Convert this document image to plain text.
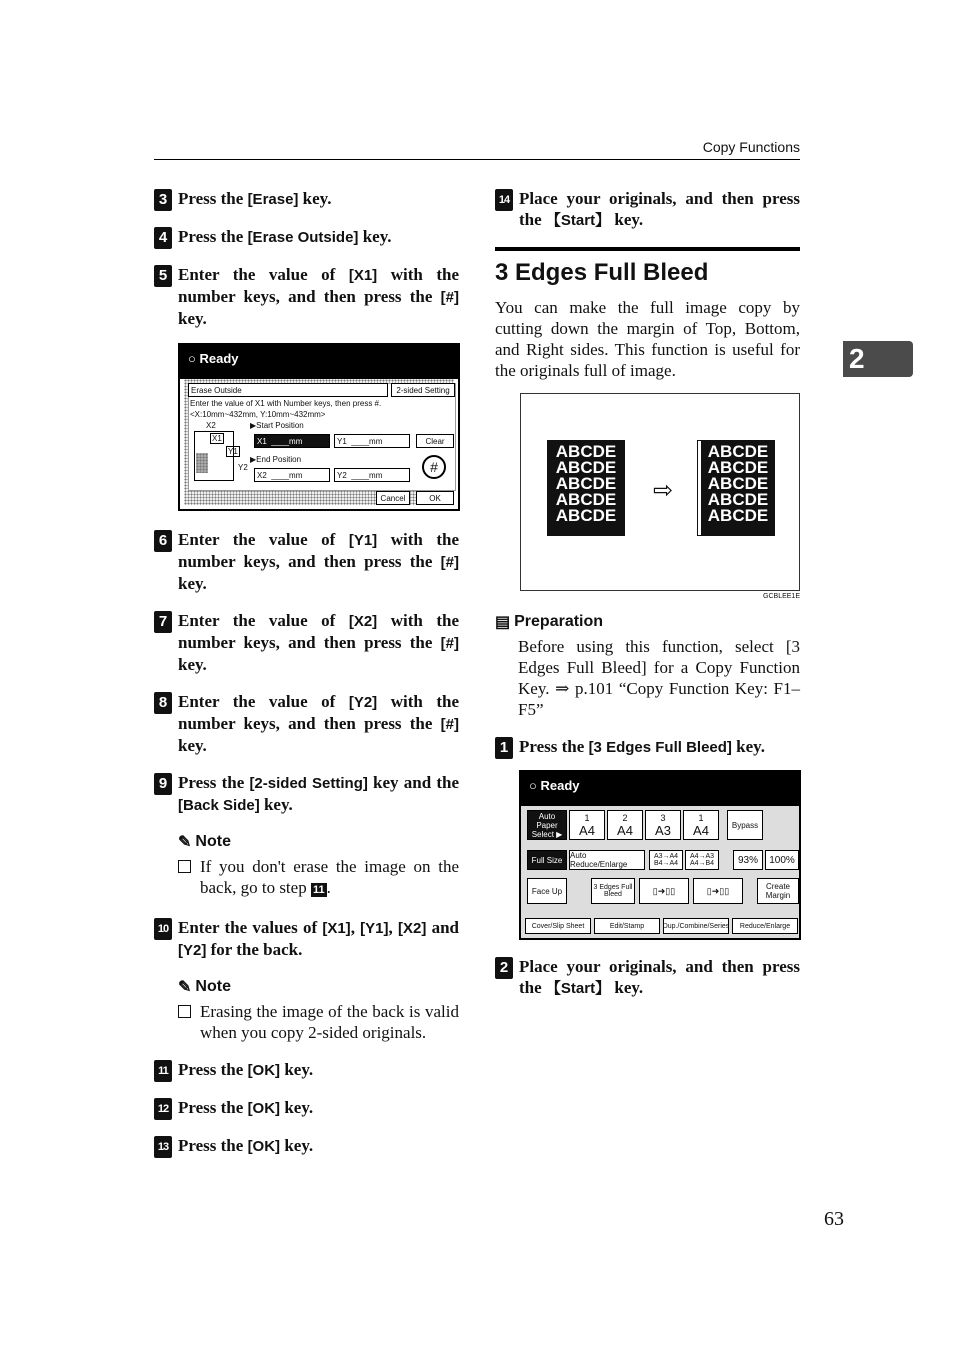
Copy Functions
2
63
3 Press the [Erase] key.
4 Press the [Erase Outside] key.
5 Enter the value of [X1] with the number keys, and then press the [#] key.
○ Ready
Erase Outside	2-sided Setting
Enter the value of X1 with Number keys, then press #.
<X:10mm~432mm, Y:10mm~432mm>
▶Start Position
▶End Position
X2
X1
Y1
Y2
X1 ____ mm	Y1 ____ mm	Clear
X2 ____ mm	Y2 ____ mm	#
Cancel	OK
6 Enter the value of [Y1] with the number keys, and then press the [#] key.
7 Enter the value of [X2] with the number keys, and then press the [#] key.
8 Enter the value of [Y2] with the number keys, and then press the [#] key.
9 Press the [2-sided Setting] key and the [Back Side] key.
✎ Note
If you don't erase the image on the back, go to step 11 .
10 Enter the values of [X1], [Y1], [X2] and [Y2] for the back.
✎ Note
Erasing the image of the back is valid when you copy 2-sided originals.
11 Press the [OK] key.
12 Press the [OK] key.
13 Press the [OK] key.
14 Place your originals, and then press the 【Start】 key.
3 Edges Full Bleed
You can make the full image copy by cutting down the margin of Top, Bottom, and Right sides. This function is useful for the originals full of image.
ABCDE
ABCDE
ABCDE
ABCDE
ABCDE
⇨
ABCDE
ABCDE
ABCDE
ABCDE
ABCDE
GCBLEE1E
▤ Preparation
Before using this function, select [3 Edges Full Bleed] for a Copy Function Key. ⇒ p.101 “Copy Function Key: F1–F5”
1 Press the [3 Edges Full Bleed] key.
○ Ready
Auto Paper Select ▶
1
A4
2
A4
3
A3
1
A4	Bypass
Full Size Auto Reduce/Enlarge
A3→A4 B4→A4
A4→A3 A4→B4	93%	100%
Face Up	3 Edges Full Bleed	▯➜▯▯	▯➜▯▯	Create Margin
Cover/Slip Sheet	Edit/Stamp	Dup./Combine/Series	Reduce/Enlarge
2 Place your originals, and then press the 【Start】 key.
